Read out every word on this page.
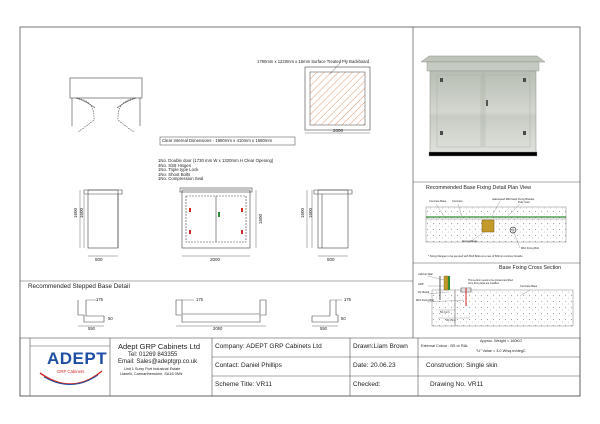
1780mm x 1220mm x 16mm Surface Treated Ply Backboard
2000
Clear Internal Dimensions - 1990mm x 410mm x 1580mm
1No. Double door (1730 mm W x 1320mm H Clear Opening)
4No. SS8 Hinges
1No. Triple type Lock
1No. Shoot Bolts
1No. Compression Seal
1600 1600
500	2000
1600
1600 1600
500
Recommended Stepped Base Detail
175
50
550
175
2050
175
50
550
Recommended Base Fixing Detail Plan View
Concrete Base
Galvanised Mild Steel Fixing Bracket
Concrete	Fully Cast
Fixing Flange
M10 Fixing Bolt
* Fixing Flanges to be secured with M10 Bolts at a max of 600mm centres Ourside
Base Fixing Cross Section
Cabinet Wall
GRP
Ply Board
M10 Fixing Bolt
Concrete Base
This section needs to be grouted and filled once fixing bolts are installed
50 (min)
30 (min)
ADEPT
GRP Cabinets
Adept GRP Cabinets Ltd
Tel: 01269 843355
Email: Sales@adeptgrp.co.uk
Unit 1 Surry Port Industrial Estate
Llanelli, Carmarthenshire, SA16 0NN
Company: ADEPT GRP Cabinets Ltd
Contact: Daniel Phillips
Scheme Title: VR11
Drawn:Liam Brown
Date: 20.06.23
Checked:
Approx. Weight = 160KG
External Colour : BS or RAL
"U" Value = 3.0 W/sq.m/degC
Construction: Single skin
Drawing No. VR11
